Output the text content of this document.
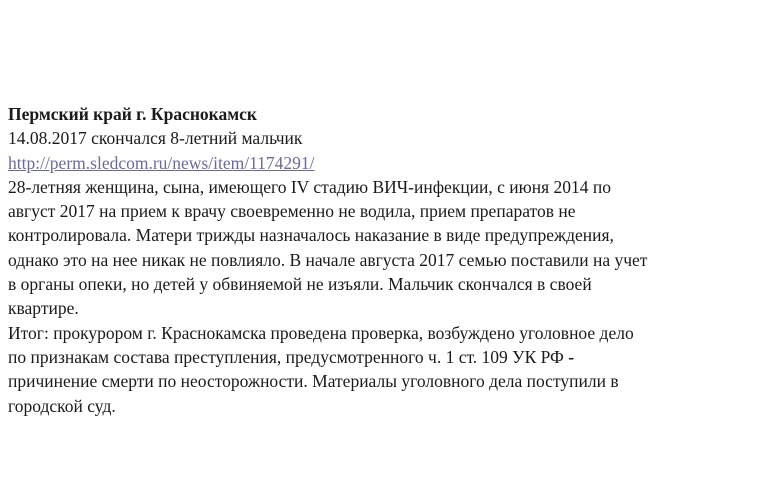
Пермский край г. Краснокамск
14.08.2017 скончался 8-летний мальчик
http://perm.sledcom.ru/news/item/1174291/
28-летняя женщина, сына, имеющего IV стадию ВИЧ-инфекции, с июня 2014 по
август 2017 на прием к врачу своевременно не водила, прием препаратов не
контролировала. Матери трижды назначалось наказание в виде предупреждения,
однако это на нее никак не повлияло. В начале августа 2017 семью поставили на учет
в органы опеки, но детей у обвиняемой не изъяли. Мальчик скончался в своей
квартире.
Итог: прокурором г. Краснокамска проведена проверка, возбуждено уголовное дело
по признакам состава преступления, предусмотренного ч. 1 ст. 109 УК РФ -
причинение смерти по неосторожности. Материалы уголовного дела поступили в
городской суд.
